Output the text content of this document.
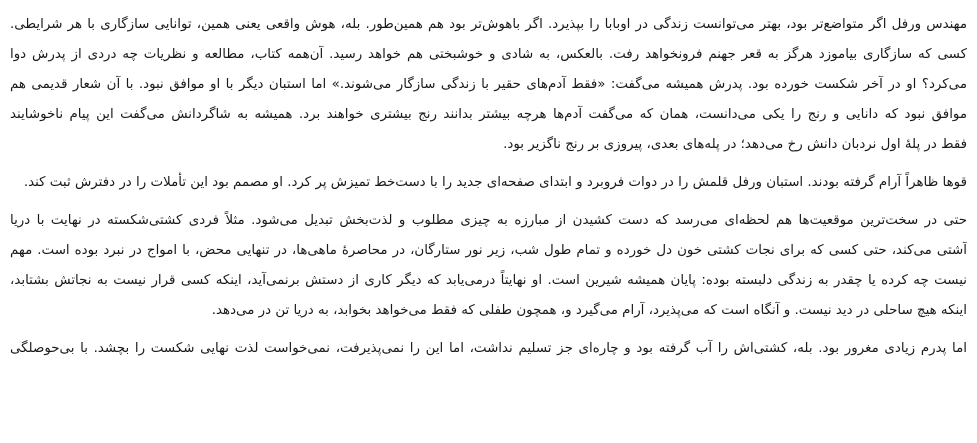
مهندس ورفل اگر متواضع‌تر بود، بهتر می‌توانست زندگی در اوبابا را بپذیرد. اگر باهوش‌تر بود هم همین‌طور. بله، هوش واقعی یعنی همین، توانایی سازگاری با هر شرایطی.
کسی که سازگاری بیاموزد هرگز به قعر جهنم فرونخواهد رفت. بالعکس، به شادی و خوشبختی هم خواهد رسید. آن‌همه کتاب، مطالعه و نظریات چه دردی از پدرش دوا
می‌کرد؟ او در آخر شکست خورده بود. پدرش همیشه می‌گفت: «فقط آدم‌های حقیر با زندگی سازگار می‌شوند.» اما استبان دیگر با او موافق نبود. با آن شعار قدیمی هم
موافق نبود که دانایی و رنج را یکی می‌دانست، همان که می‌گفت آدم‌ها هرچه بیشتر بدانند رنج بیشتری خواهند برد. همیشه به شاگردانش می‌گفت این پیام ناخوشایند
فقط در پلهٔ اول نردبان دانش رخ می‌دهد؛ در پله‌های بعدی، پیروزی بر رنج ناگزیر بود.
قوها ظاهراً آرام گرفته بودند. استبان ورفل قلمش را در دوات فروبرد و ابتدای صفحه‌ای جدید را با دست‌خط تمیزش پر کرد. او مصمم بود این تأملات را در دفترش ثبت کند.
حتی در سخت‌ترین موقعیت‌ها هم لحظه‌ای می‌رسد که دست کشیدن از مبارزه به چیزی مطلوب و لذت‌بخش تبدیل می‌شود. مثلاً فردی کشتی‌شکسته در نهایت با دریا
آشتی می‌کند، حتی کسی که برای نجات کشتی خون دل خورده و تمام طول شب، زیر نور ستارگان، در محاصرهٔ ماهی‌ها، در تنهایی محض، با امواج در نبرد بوده است. مهم
نیست چه کرده یا چقدر به زندگی دلبسته بوده: پایان همیشه شیرین است. او نهایتاً درمی‌یابد که دیگر کاری از دستش برنمی‌آید، اینکه کسی قرار نیست به نجاتش بشتابد،
اینکه هیچ ساحلی در دید نیست. و آنگاه است که می‌پذیرد، آرام می‌گیرد و، همچون طفلی که فقط می‌خواهد بخوابد، به دریا تن در می‌دهد.
اما پدرم زیادی مغرور بود. بله، کشتی‌اش را آب گرفته بود و چاره‌ای جز تسلیم نداشت، اما این را نمی‌پذیرفت، نمی‌خواست لذت نهایی شکست را بچشد. با بی‌حوصلگی
